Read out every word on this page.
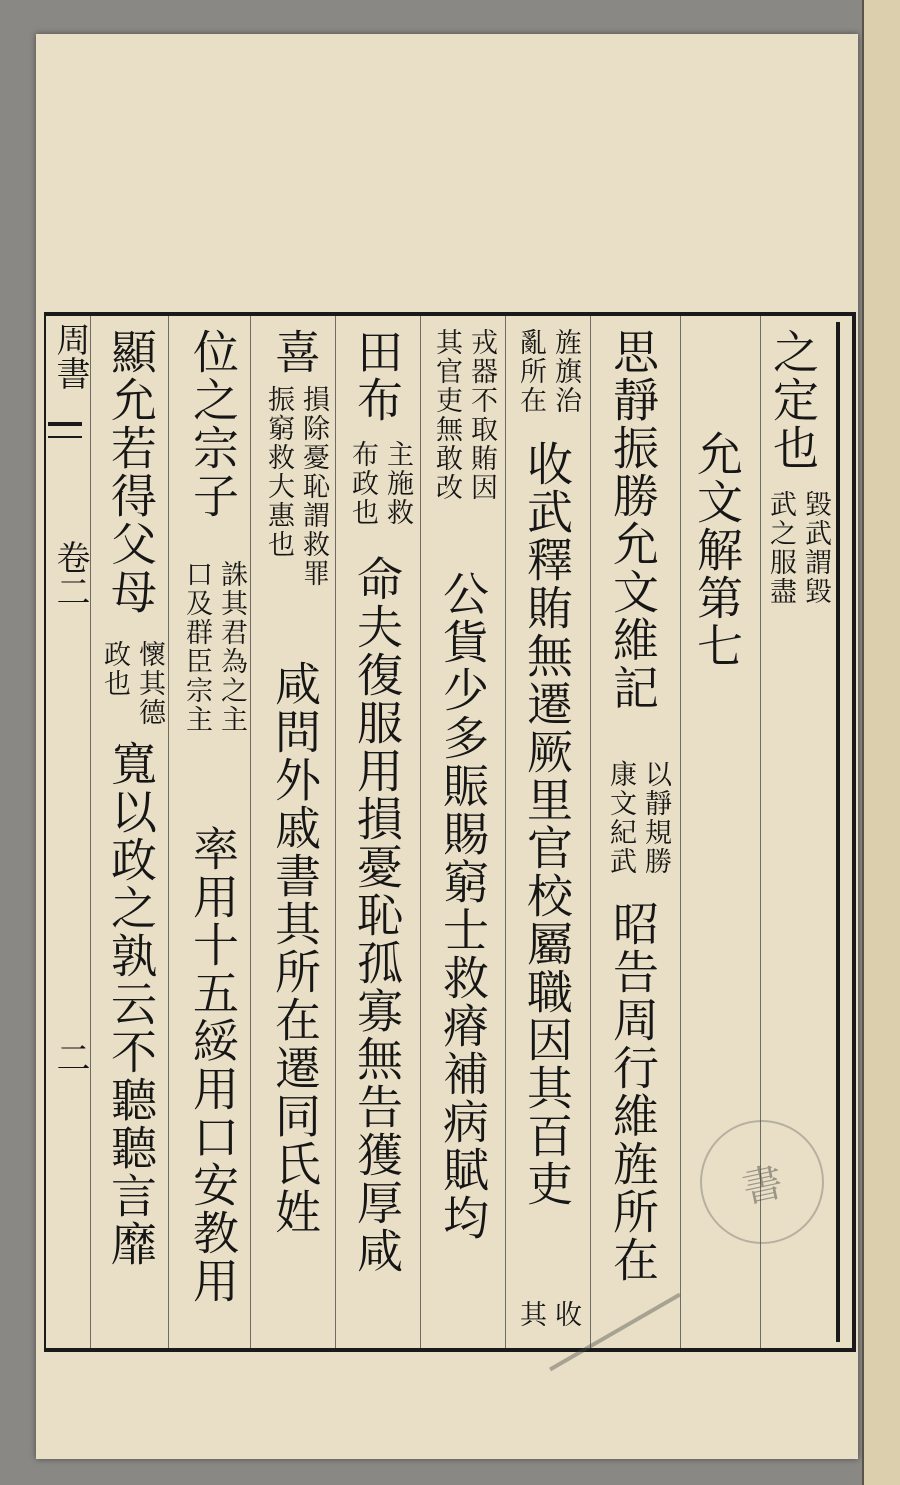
之定也
毀武謂毀
武之服盡
允文解第七
思靜振勝允文維記
以靜規勝
康文紀武
昭告周行維旌所在
旌旗治
亂所在
收武釋賄無遷厥里官校屬職因其百吏
收
其
戎器不取賄因
其官吏無敢改
公貨少多賑賜窮士救瘠補病賦均
田布
主施救
布政也
命夫復服用損憂恥孤寡無告獲厚咸
喜
損除憂恥謂救罪
振窮救大惠也
咸問外戚書其所在遷同氏姓
位之宗子
誅其君為之主
口及群臣宗主
率用十五綏用口安教用
顯允若得父母
懷其德
政也
寬以政之孰云不聽聽言靡
周書
卷二
二
書
